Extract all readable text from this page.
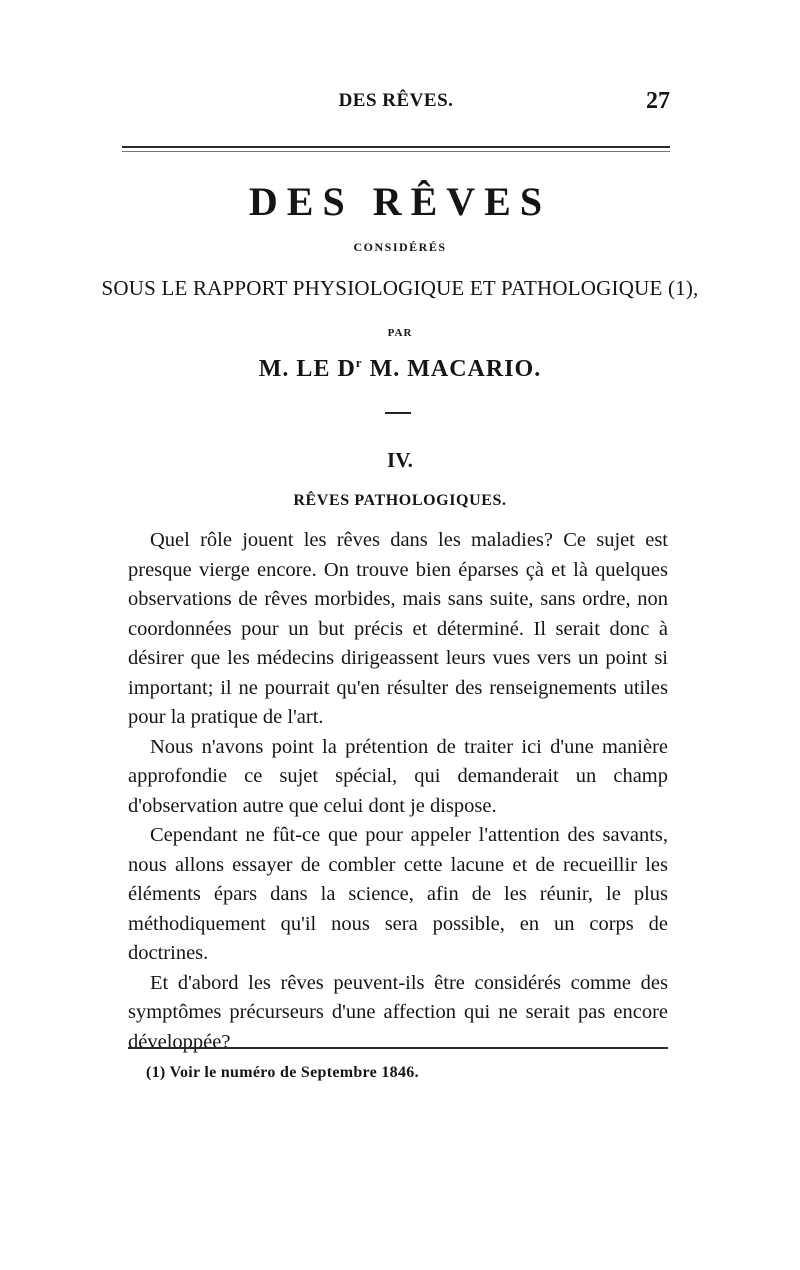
DES RÊVES.	27
DES RÊVES
CONSIDÉRÉS
SOUS LE RAPPORT PHYSIOLOGIQUE ET PATHOLOGIQUE (1),
PAR
M. LE $D^r$ M. MACARIO.
IV.
RÊVES PATHOLOGIQUES.

Quel rôle jouent les rêves dans les maladies? Ce sujet est presque vierge encore. On trouve bien éparses çà et là quelques observations de rêves morbides, mais sans suite, sans ordre, non coordonnées pour un but précis et déterminé. Il serait donc à désirer que les médecins dirigeassent leurs vues vers un point si important; il ne pourrait qu'en résulter des renseignements utiles pour la pratique de l'art.

Nous n'avons point la prétention de traiter ici d'une manière approfondie ce sujet spécial, qui demanderait un champ d'observation autre que celui dont je dispose.

Cependant ne fût-ce que pour appeler l'attention des savants, nous allons essayer de combler cette lacune et de recueillir les éléments épars dans la science, afin de les réunir, le plus méthodiquement qu'il nous sera possible, en un corps de doctrines.

Et d'abord les rêves peuvent-ils être considérés comme des symptômes précurseurs d'une affection qui ne serait pas encore développée?

(1) Voir le numéro de Septembre 1846.
